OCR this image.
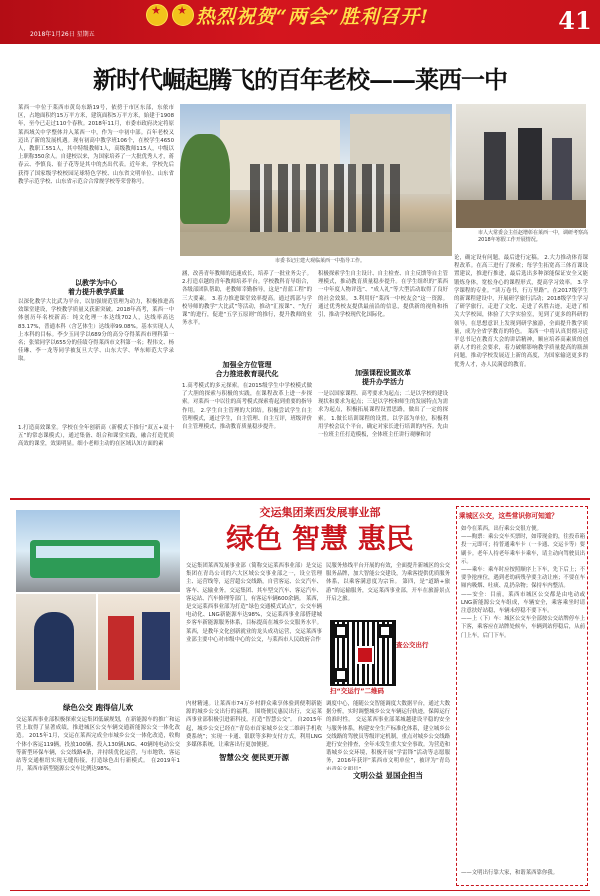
★ ★ 热烈祝贺“两会”胜利召开!
2018年1月26日 星期五	41
新时代崛起腾飞的百年老校——莱西一中
莱西一中位于莱西市黄岛东路19号，依傍于市区东部，东依市区，占地面积约15万平方米，建筑面积5万平方米，始建于1908年，至今已走过110个春秋。2018年11月，市委市政府决定将原莱西域关中学整体并入莱西一中，作为一中初中部。百年老校又迈出了新的发展机遇。现有初高中教学班106个，在校学生4650人，教职工551人，其中特级教师1人，高级教师115人，中级以上职称350余人。自建校以来，为国家培养了一大批优秀人才，蒋春云、李慎良、崔子花等是其中的杰出代表。近年来，学校先后获得了国家级学校校园足球特色学校、山东省文明单位、山东省教学示范学校、山东省示范合合常规学校等荣誉称号。
以教学为中心
着力提升教学质量
以深化教学大比武为平台，以加强规范管理为动力，积极推进高效课堂建设，学校教学质量又获新突破。2018年高考，莱西一中体创历年名校新高：纯文化理一本达线702人，达线率高达83.17%，普通本科（含艺体生）达线率99.08%。基本实现人人上本科的目标。李少玉同学以689分的高分夺得莱西市理科第一名；张梁同学以655分的佳绩夺得莱西市文科第一名；程伟文、杨佳琳、李一龙等同学被复旦大学、山东大学、华东师范大学录取。
1.打造高效课堂。学校在全年创新高（新模式下推行“双五+双十五”的常态课模式），通过集备、组合和课堂实践，融合打造优质高效的课堂，效果明显。细小老师主动的在区域认知方面的素
市委书记庄建大观临莱西一中指导工作。
市人大常委会主任赵增彰在莱西一中，调研考察高2018年寒假工作开展情况。
涵，改善青年教师的迅速成长，培养了一批业务尖子。 2.打造卓越的青年教师培养平台。学校教科育导组合，各级部团队帮助，老教师幸勤指导，这是“青蓝工程”的三大要素。 3.着力推进课堂效率提高。通过抓部与学校导师的教学“大比武”等活动，推动“汇报课”、“先行课”的进行，促进“五学五原则”的推行，提升教师的业务水平。
加强全方位管理
合力推进教育现代化
1.高考模式的多元探索。在2015级学生中学校模式做了大胆的探索与积极的实践，在课程改革上进一步探索。对莱西一中以往的高考模式探索将起到重要的指导作用。 2.学生自主管理的大团结。积极尝试学生自主管理模式，通过学生，自主管理、自主互评，班级评价自主管理模式，推动教育质量稳步提升。
积极探索学生自主设计、自主检查、自主反馈等自主管理模式，推动教育质量稳步提升。在学生组织的“莱西一中年度人物评选”、“成人礼”等大型活动取得了良好的社会效果。 3.利用好“莱西一中校友会”这一资源。通过优秀校友提供最前沿的信息，提供新的视角和指引，推动学校现代化国际化。
加强课程设置改革
提升办学活力
一是以国家课程、高考要求为起点；二是以学校的建设现状和要求为起点；三是以学校和师生的发展特点为需求为起点，积极拓展课程设置思路，做出了一定的探索。 1.做长培训课程的设置。以学部为单位，积极利用学校会议个平台，确定对家长进行培训的内容。先由一位班主任打造模板，全体班主任讲行观摩和讨
论，确定设有问题，最后进行定稿。 2.大力推动体育课程改革。在高三进行了探索；每学生拓宽高三体育课设置建议，推进行推进，最后选出多种深能保证安全又能锻炼身体，宽松身心的课程形式，提高学习效率。 3.学学课程的专业。“读万卷书，行万里路”。在2017级学生的新课程建设中，开展研学旅行活动；2018级学生学习了研学旅行，走进了文化、走进了名胜古迹，走进了相关大学校园，体验了大学实验室，见到了更多的科研的领导，在思想意识上发现到研学旅游，全面提升教学质量，成为全省学教育的特色。 莱西一中将认真贯彻习近平总书记在教育大会的讲话精神，顺应培养高素质的创新人才的社会要求，着力破解影响教学质量提高的瓶颈问题，推动学校发展迈上新的高度，为国家输送更多的优秀人才，办人民满意的教育。
交运集团莱西发展事业部
绿色 智慧 惠民
交运集团莱西发展事业部（简称交运莱西事业部）是交运集团在青岛公司的六大区域公交事业部之一，设立管理主、运营线等，运营超公交线路，自营客运、公交汽车、客车、运输业务。交运集团、其车型交汽车、客运汽车、客运站、汽车修理等部门，有客运车辆600余辆。 莱西，是交运莱西事业部为打造“绿色交通模式试点”，公交车辆电动化、LNG新能源车达98%，交运莱西事业部搭建城乡客车新能源服务体系，目标提高在城乡公交服务水平。 莱西，是教年文化创新就业的龙头成功运营，交运莱西事业部主要中心对市级中心的公交，与莱西市人民政府合作
民服务热线平台开展的有效，全面提升新城区的公交服务品牌，加大智能公交建设，为乘客提供优质服务体系，以乘客满意度为宗旨。 第四，是“道路+旅游”的运输服务，交运莱西事业部，开车在旅游景点开启之旅。
查公交出行
扫“交运行”二维码
绿色公交 跑得信儿欢
交运莱西事业部积极探索交运集团低碳规划，在新能源车的推广和运营上取得了显著成绩，推进城区公交车辆交通新能源公交一体化改造。 2015年1月，交运在莱西完成全市城乡公交一体化改造，收购个体小客运119辆，投放100辆、投入130辆LNG、40辆纯电动公交等新型环保车辆，公交线路4条，并持续优化运营，与市地铁、客运站等交通枢纽实现无缝衔接，打造绿色出行新模式。 在2019年1月，莱西市新型能源公交车比例达98%。
内材精速。让莱西市74万乡村群众乘享体验到便利新能源的城乡公交出行的福利。 围绕便民惠民出行，交运莱西事业部积极引进新科技，打造“智慧公交”。 自2015年起，城乡公交已经在“青岛市首家城乡公交二维码手机收费系统”；实现一卡通、银联等多种支付方式，利用LNG多媒体系统，让乘客出行更加便捷。
智慧公交 便民更开源
调度中心，能随公交智能调度大数据平台，通过大数据分析，实时调整城乡公交车辆运行轨迹，保障运行的准时性。 交运莱西事业部莱城越建设平稳的安全与服务体系，构建安全生产标准化体系，建立城乡公交线路的驾驶员等级评定机制，重点对城乡公交线路进行安全排查，全年未发生重大安全事故。为营造和谐城乡公交环境，积极开展“学雷锋”活动等志愿服务，2016年获评“莱西市文明单位”，被评为“青岛
文明公益 显国企担当
乘城区公交，这些常识你可知道？
如今在莱西，出行乘公交很方便。
——购票：乘公交车买票时，如带现金的，往投币箱投一元即可；持普通乘车卡（一卡通、交运卡等）要刷卡。老年人持老年乘车卡乘车，请主动向驾驶员出示。
——乘车：乘车时应按照顺序上下车，先下后上；不要争抢座位，遇到老幼病残孕要主动让座；不要在车厢内吸烟、吐痰、乱扔杂物；保持车内整洁。
——安全：目前，莱西市城区公交都是由电动或LNG新能源公交车组成，车辆安全，乘客乘坐时请注意扶好站稳，车辆未停稳不要下车。
——上（下）车：城区公交车全部按公交站牌停车上下客，乘客应在站牌处候车，车辆到站停稳后，从前门上车，后门下车。
——文明出行靠大家，和谐莱西靠你我。
